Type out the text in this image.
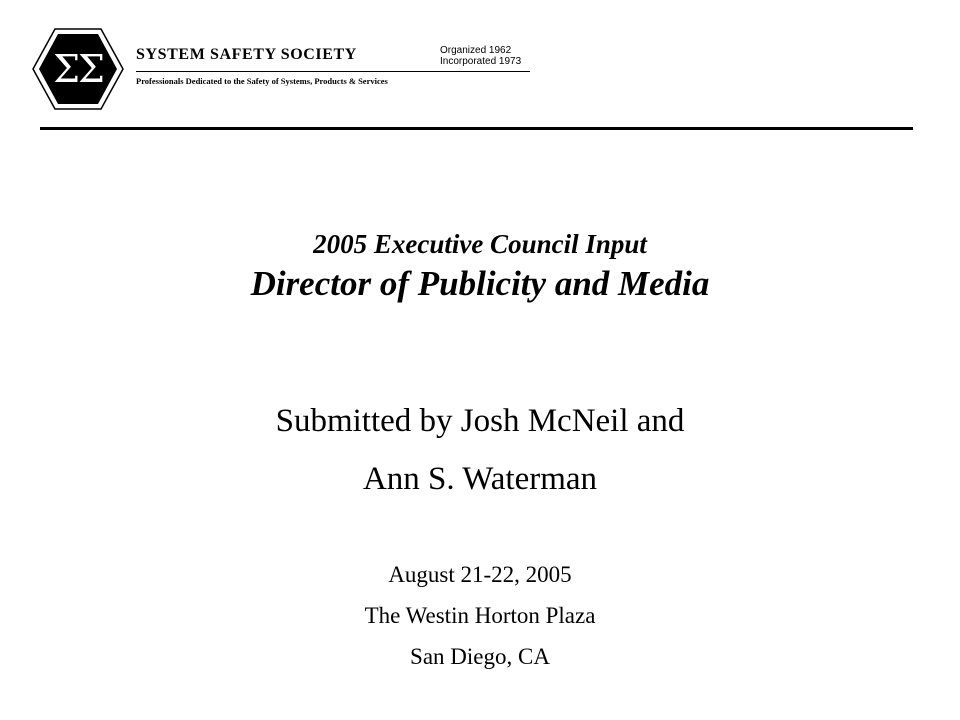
ΣΣ	SYSTEM SAFETY SOCIETY	Organized 1962
Incorporated 1973
Professionals Dedicated to the Safety of Systems, Products & Services
2005 Executive Council Input
Director of Publicity and Media
Submitted by Josh McNeil and
Ann S. Waterman
August 21-22, 2005
The Westin Horton Plaza
San Diego, CA
